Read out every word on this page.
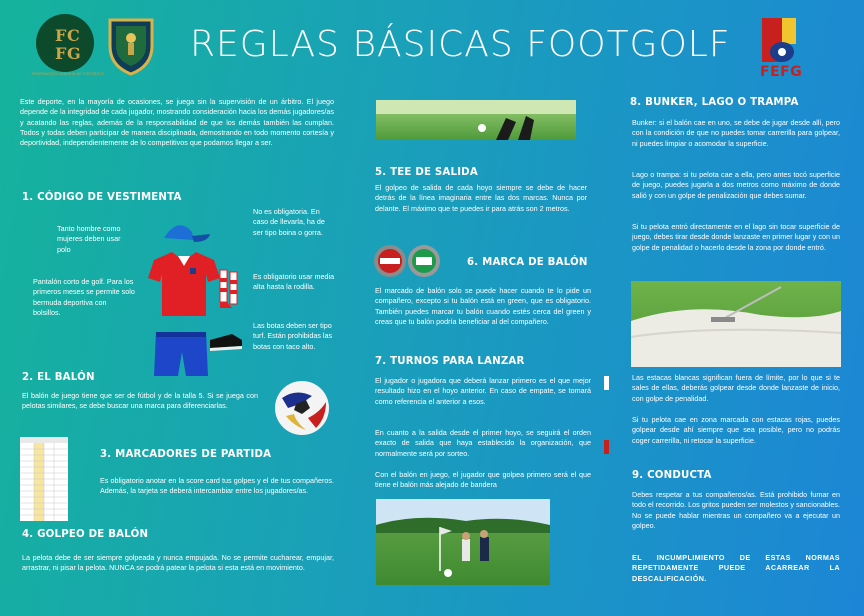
F C
F G
FEDERACIÓN CANARIA DE FOOTGOLF
REGLAS BÁSICAS FOOTGOLF
FEFG

Este deporte, en la mayoría de ocasiones, se juega sin la supervisión de un árbitro. El juego depende de la integridad de cada jugador, mostrando consideración hacia los demás jugadores/as y acatando las reglas, además de la responsabilidad de que los demás también las cumplan. Todos y todas deben participar de manera disciplinada, demostrando en todo momento cortesía y deportividad, independientemente de lo competitivos que podamos llegar a ser.

1. CÓDIGO DE VESTIMENTA
Tanto hombre como mujeres deben usar polo
Pantalón corto de golf. Para los primeros meses se permite solo bermuda deportiva con bolsillos.
No es obligatoria. En caso de llevarla, ha de ser tipo boina o gorra.
Es obligatorio usar media alta hasta la rodilla.
Las botas deben ser tipo turf. Están prohibidas las botas con taco alto.
2. EL BALÓN

El balón de juego tiene que ser de fútbol y de la talla 5. Si se juega con pelotas similares, se debe buscar una marca para diferenciarlas.

3. MARCADORES DE PARTIDA

Es obligatorio anotar en la score card tus golpes y el de tus compañeros. Además, la tarjeta se deberá intercambiar entre los jugadores/as.

4. GOLPEO DE BALÓN

La pelota debe de ser siempre golpeada y nunca empujada. No se permite cucharear, empujar, arrastrar, ni pisar la pelota. NUNCA se podrá patear la pelota si esta está en movimiento.

5. TEE DE SALIDA

El golpeo de salida de cada hoyo siempre se debe de hacer detrás de la línea imaginaria entre las dos marcas. Nunca por delante. El máximo que te puedes ir para atrás son 2 metros.

6. MARCA DE BALÓN

El marcado de balón solo se puede hacer cuando te lo pide un compañero, excepto si tu balón está en green, que es obligatorio. También puedes marcar tu balón cuando estés cerca del green y creas que tu balón podría beneficiar al del compañero.

7. TURNOS PARA LANZAR

El jugador o jugadora que deberá lanzar primero es el que mejor resultado hizo en el hoyo anterior. En caso de empate, se tomará como referencia el anterior a esos.

En cuanto a la salida desde el primer hoyo, se seguirá el orden exacto de salida que haya establecido la organización, que normalmente será por sorteo.

Con el balón en juego, el jugador que golpea primero será el que tiene el balón más alejado de bandera

8. BUNKER, LAGO O TRAMPA

Bunker: si el balón cae en uno, se debe de jugar desde allí, pero con la condición de que no puedes tomar carrerilla para golpear, ni puedes limpiar o acomodar la superficie.

Lago o trampa: si tu pelota cae a ella, pero antes tocó superficie de juego, puedes jugarla a dos metros como máximo de donde salió y con un golpe de penalización que debes sumar.

Si tu pelota entró directamente en el lago sin tocar superficie de juego, debes tirar desde donde lanzaste en primer lugar y con un golpe de penalidad o hacerlo desde la zona por donde entró.

Las estacas blancas significan fuera de límite, por lo que si te sales de ellas, deberás golpear desde donde lanzaste de inicio, con golpe de penalidad.

Si tu pelota cae en zona marcada con estacas rojas, puedes golpear desde ahí siempre que sea posible, pero no podrás coger carrerilla, ni retocar la superficie.

9. CONDUCTA

Debes respetar a tus compañeros/as. Está prohibido fumar en todo el recorrido. Los gritos pueden ser molestos y sancionables. No se puede hablar mientras un compañero va a ejecutar un golpeo.

EL INCUMPLIMIENTO DE ESTAS NORMAS REPETIDAMENTE PUEDE ACARREAR LA DESCALIFICACIÓN.
